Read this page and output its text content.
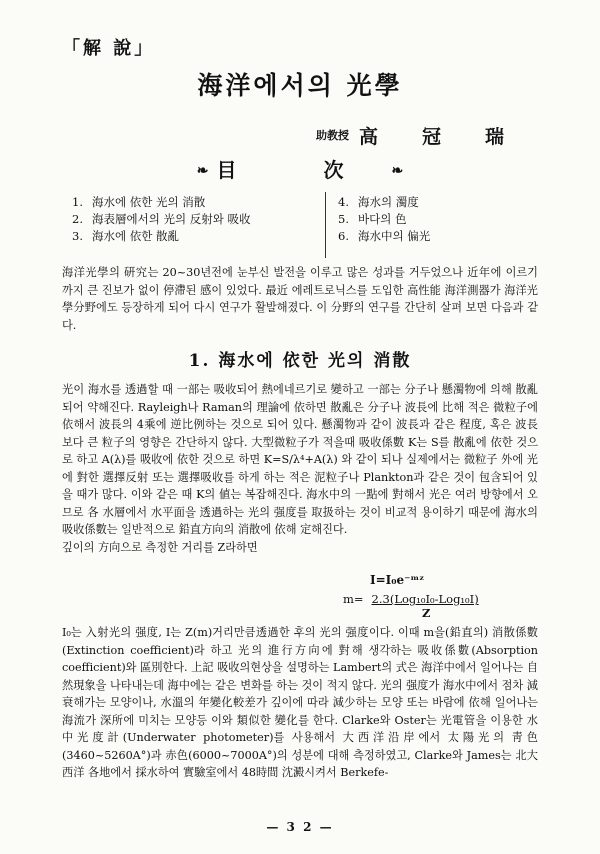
「解 說」
海洋에서의 光學
$^{助教授}$ 高冠瑞
❧ 目 次 ❧
1. 海水에 依한 光의 消散
2. 海表層에서의 光의 反射와 吸收
3. 海水에 依한 散亂
4. 海水의 濁度
5. 바다의 色
6. 海水中의 偏光
海洋光學의 硏究는 20~30년전에 눈부신 발전을 이루고 많은 성과를 거두었으나 近年에 이르기까지 큰 진보가 없이 停滯된 感이 있었다. 最近 에레트로닉스를 도입한 高性能 海洋測器가 海洋光學分野에도 등장하게 되어 다시 연구가 활발해졌다. 이 分野의 연구를 간단히 살펴 보면 다음과 같다.
1. 海水에 依한 光의 消散
光이 海水를 透過할 때 一部는 吸收되어 熱에네르기로 變하고 一部는 分子나 懸濁物에 의해 散亂되어 약해진다. Rayleigh나 Raman의 理論에 依하면 散亂은 分子나 波長에 比해 적은 微粒子에 依해서 波長의 4乘에 逆比例하는 것으로 되어 있다. 懸濁物과 같이 波長과 같은 程度, 혹은 波長보다 큰 粒子의 영향은 간단하지 않다. 大型微粒子가 적을때 吸收係數 K는 S를 散亂에 依한 것으로 하고 A(λ)를 吸收에 依한 것으로 하면 K=S/λ⁴+A(λ) 와 같이 되나 실제에서는 微粒子 外에 光에 對한 選擇反射 또는 選擇吸收를 하게 하는 적은 泥粒子나 Plankton과 같은 것이 包含되어 있을 때가 많다. 이와 같은 때 K의 値는 복잡해진다. 海水中의 一點에 對해서 光은 여러 방향에서 오므로 各 水層에서 水平面을 透過하는 光의 强度를 取扱하는 것이 비교적 용이하기 때문에 海水의 吸收係數는 일반적으로 鉛直方向의 消散에 依해 定해진다.
깊이의 方向으로 측정한 거리를 Z라하면
I=I₀e⁻ᵐᶻ
m= 2.3(Log₁₀I₀-Log₁₀I)
Z
I₀는 入射光의 强度, I는 Z(m)거리만큼透過한 후의 光의 强度이다. 이때 m을(鉛直의) 消散係數(Extinction coefficient)라 하고 光의 進行方向에 對해 생각하는 吸收係數(Absorption coefficient)와 區別한다. 上記 吸收의현상을 설명하는 Lambert의 式은 海洋中에서 일어나는 自然現象을 나타내는데 海中에는 같은 변화를 하는 것이 적지 않다. 光의 强度가 海水中에서 점차 減衰해가는 모양이나, 水溫의 年變化較差가 깊이에 따라 減少하는 모양 또는 바람에 依해 일어나는 海流가 深所에 미치는 모양등 이와 類似한 變化를 한다. Clarke와 Oster는 光電管을 이용한 水中光度計(Underwater photometer)를 사용해서 大西洋沿岸에서 太陽光의 靑色(3460~5260A°)과 赤色(6000~7000A°)의 성분에 대해 측정하였고, Clarke와 James는 北大西洋 各地에서 採水하여 實驗室에서 48時間 沈澱시켜서 Berkefe-
— 3 2 —
